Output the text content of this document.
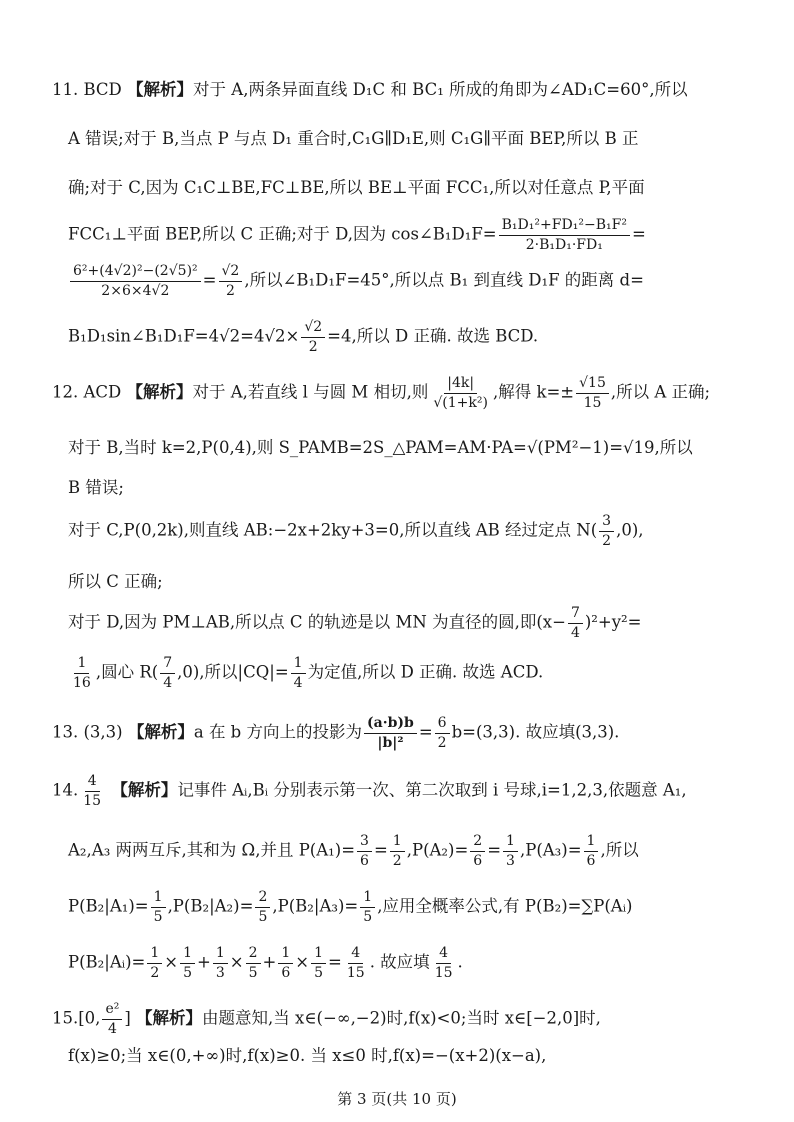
11. BCD 【解析】对于 A,两条异面直线 D₁C 和 BC₁ 所成的角即为∠AD₁C=60°,所以
A 错误;对于 B,当点 P 与点 D₁ 重合时,C₁G∥D₁E,则 C₁G∥平面 BEP,所以 B 正
确;对于 C,因为 C₁C⊥BE,FC⊥BE,所以 BE⊥平面 FCC₁,所以对任意点 P,平面
FCC₁⊥平面 BEP,所以 C 正确;对于 D,因为 cos∠B₁D₁F= $\frac{\text{B₁D₁²+FD₁²−B₁F²}}{\text{2·B₁D₁·FD₁}}$ =
$\frac{\text{6²+(4√2)²−(2√5)²}}{2\times 6\times 4√2} = \frac{√2}{2}$ ,所以∠B₁D₁F=45°,所以点 B₁ 到直线 D₁F 的距离 d=
B₁D₁sin∠B₁D₁F=4√2=4√2× $\frac{√2}{2} =4$,所以 D 正确. 故选 BCD.
12. ACD 【解析】对于 A,若直线 l 与圆 M 相切,则 $\frac{|4k|}{\text{√(1+k²)}}$ ,解得 $k=\pm \frac{√15}{15}$ ,所以 A 正确;
对于 B,当时 k=2,P(0,4),则 S_PAMB=2S_△PAM=AM·PA=√(PM²−1)=√19,所以
B 错误;
对于 C,P(0,2k),则直线 AB:−2x+2ky+3=0,所以直线 AB 经过定点 $N( \frac{3}{2} ,0)$,
所以 C 正确;
对于 D,因为 PM⊥AB,所以点 C 的轨迹是以 MN 为直径的圆,即$(x- \frac{7}{4} )^2+y^2=$
$\frac{1}{16}$ ,圆心 $R( \frac{7}{4} ,0)$,所以$|CQ|= \frac{1}{4}$ 为定值,所以 D 正确. 故选 ACD.
13. (3,3) 【解析】a 在 b 方向上的投影为 $\frac{(a\cdot b)b}{\text{|b|²}} = \frac{6}{2} b=(3,3)$. 故应填(3,3).
14. $\frac{4}{15}$ 【解析】记事件 Aᵢ,Bᵢ 分别表示第一次、第二次取到 i 号球,i=1,2,3,依题意 A₁,
A₂,A₃ 两两互斥,其和为 Ω,并且 $P(A_1)= \frac{3}{6} = \frac{1}{2} ,P(A_2)= \frac{2}{6} = \frac{1}{3} ,P(A_3)= \frac{1}{6}$ ,所以
$P(B_2|A_1)= \frac{1}{5} ,P(B_2|A_2)= \frac{2}{5} ,P(B_2|A_3)= \frac{1}{5}$ ,应用全概率公式,有 P(B₂)=∑P(Aᵢ)
P(B₂|Aᵢ)= $\frac{1}{2} \times \frac{1}{5} + \frac{1}{3} \times \frac{2}{5} + \frac{1}{6} \times \frac{1}{5} = \frac{4}{15}$ . 故应填 $\frac{4}{15}$ .
15.[0, $\frac{\text{e²}}{4}$ ] 【解析】由题意知,当 x∈(−∞,−2)时,f(x)<0;当时 x∈[−2,0]时,
f(x)≥0;当 x∈(0,+∞)时,f(x)≥0. 当 x≤0 时,f(x)=−(x+2)(x−a),
第 3 页(共 10 页)
